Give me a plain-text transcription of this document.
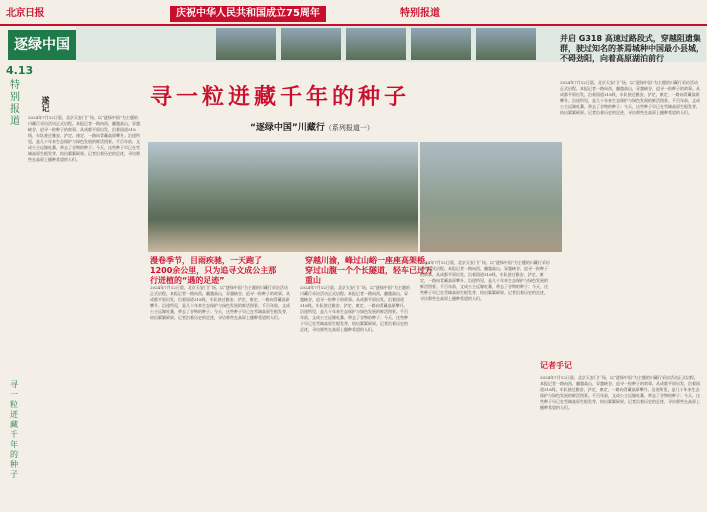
北京日报	庆祝中华人民共和国成立75周年	特别报道
逐绿中国
4.13
特别报道
遂记	寻一粒迸藏千年的种子
“逐绿中国”川藏行（系列报道一）
漫卷季节，目雨疾驰，一天跑了1200余公里，只为追寻文成公主那行迸植的“遇的足迹”
穿越川渝，峰过山峪一座座高架桥，穿过山腹一个个长隧道，轻车已过万重山
并启 G318 高速过路段式，穿越阻遗集群，驶过知名的茶焉城种中国最小县城，不碍劲阳，向着高原湖泊前行

2024年7月12日晨，北京天安门广场，以“逐绿中国”为主题的川藏行采访活动正式启程。本报记者一路向西，翻越高山，穿越峡谷，追寻一粒种子的故事。从成都平原出发，沿着国道318线，车队驶过雅安、泸定、康定，一路向青藏高原攀升。沿途所见，是几十年来生态保护与绿色发展的鲜活图景。千百年前，文成公主远嫁吐蕃，带去了谷物的种子；今天，这些种子早已在雪域高原生根发芽，结出累累硕果。记者沿着历史的足迹，寻访那些在高原上播种希望的人们。

2024年7月12日晨，北京天安门广场，以“逐绿中国”为主题的川藏行采访活动正式启程。本报记者一路向西，翻越高山，穿越峡谷，追寻一粒种子的故事。从成都平原出发，沿着国道318线，车队驶过雅安、泸定、康定，一路向青藏高原攀升。沿途所见，是几十年来生态保护与绿色发展的鲜活图景。千百年前，文成公主远嫁吐蕃，带去了谷物的种子；今天，这些种子早已在雪域高原生根发芽，结出累累硕果。记者沿着历史的足迹，寻访那些在高原上播种希望的人们。

2024年7月12日晨，北京天安门广场，以“逐绿中国”为主题的川藏行采访活动正式启程。本报记者一路向西，翻越高山，穿越峡谷，追寻一粒种子的故事。从成都平原出发，沿着国道318线，车队驶过雅安、泸定、康定，一路向青藏高原攀升。沿途所见，是几十年来生态保护与绿色发展的鲜活图景。千百年前，文成公主远嫁吐蕃，带去了谷物的种子；今天，这些种子早已在雪域高原生根发芽，结出累累硕果。记者沿着历史的足迹，寻访那些在高原上播种希望的人们。

2024年7月12日晨，北京天安门广场，以“逐绿中国”为主题的川藏行采访活动正式启程。本报记者一路向西，翻越高山，穿越峡谷，追寻一粒种子的故事。从成都平原出发，沿着国道318线，车队驶过雅安、泸定、康定，一路向青藏高原攀升。沿途所见，是几十年来生态保护与绿色发展的鲜活图景。千百年前，文成公主远嫁吐蕃，带去了谷物的种子；今天，这些种子早已在雪域高原生根发芽，结出累累硕果。记者沿着历史的足迹，寻访那些在高原上播种希望的人们。

2024年7月12日晨，北京天安门广场，以“逐绿中国”为主题的川藏行采访活动正式启程。本报记者一路向西，翻越高山，穿越峡谷，追寻一粒种子的故事。从成都平原出发，沿着国道318线，车队驶过雅安、泸定、康定，一路向青藏高原攀升。沿途所见，是几十年来生态保护与绿色发展的鲜活图景。千百年前，文成公主远嫁吐蕃，带去了谷物的种子；今天，这些种子早已在雪域高原生根发芽，结出累累硕果。记者沿着历史的足迹，寻访那些在高原上播种希望的人们。

2024年7月12日晨，北京天安门广场，以“逐绿中国”为主题的川藏行采访活动正式启程。本报记者一路向西，翻越高山，穿越峡谷，追寻一粒种子的故事。从成都平原出发，沿着国道318线，车队驶过雅安、泸定、康定，一路向青藏高原攀升。沿途所见，是几十年来生态保护与绿色发展的鲜活图景。千百年前，文成公主远嫁吐蕃，带去了谷物的种子；今天，这些种子早已在雪域高原生根发芽，结出累累硕果。记者沿着历史的足迹，寻访那些在高原上播种希望的人们。

记者手记
寻一粒迸藏千年的种子
